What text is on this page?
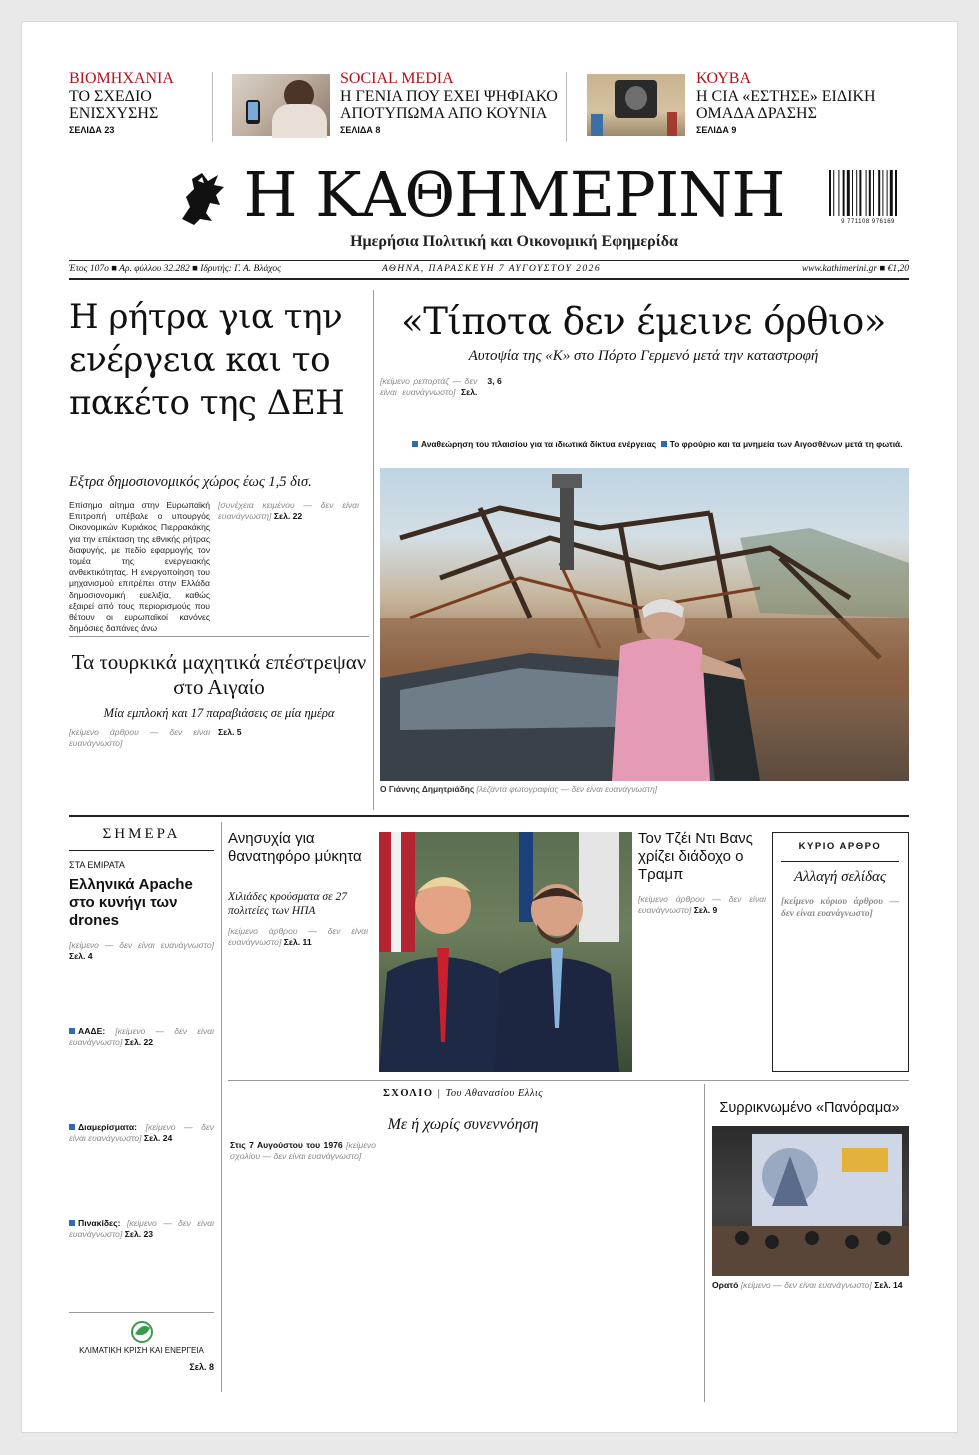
ΒΙΟΜΗΧΑΝΙΑ
ΤΟ ΣΧΕΔΙΟ ΕΝΙΣΧΥΣΗΣ
ΣΕΛΙΔΑ 23
SOCIAL MEDIA
Η ΓΕΝΙΑ ΠΟΥ ΕΧΕΙ ΨΗΦΙΑΚΟ ΑΠΟΤΥΠΩΜΑ ΑΠΟ ΚΟΥΝΙΑ
ΣΕΛΙΔΑ 8
ΚΟΥΒΑ
Η CIA «ΕΣΤΗΣΕ» ΕΙΔΙΚΗ ΟΜΑΔΑ ΔΡΑΣΗΣ
ΣΕΛΙΔΑ 9
Η ΚΑΘΗΜΕΡΙΝΗ
Ημερήσια Πολιτική και Οικονομική Εφημερίδα
9 771108 976169
Έτος 107ο ■ Αρ. φύλλου 32.282 ■ Ιδρυτής: Γ. Α. Βλάχος	ΑΘΗΝΑ, ΠΑΡΑΣΚΕΥΗ 7 ΑΥΓΟΥΣΤΟΥ 2026	www.kathimerini.gr ■ €1,20
Η ρήτρα για την ενέργεια και το πακέτο της ΔΕΗ
Εξτρα δημοσιονομικός χώρος έως 1,5 δισ.
Επίσημο αίτημα στην Ευρωπαϊκή Επιτροπή υπέβαλε ο υπουργός Οικονομικών Κυριάκος Πιερρακάκης για την επέκταση της εθνικής ρήτρας διαφυγής, με πεδίο εφαρμογής τον τομέα της ενεργειακής ανθεκτικότητας. Η ενεργοποίηση του μηχανισμού επιτρέπει στην Ελλάδα δημοσιονομική ευελιξία, καθώς εξαιρεί από τους περιορισμούς που θέτουν οι ευρωπαϊκοί κανόνες δημόσιες δαπάνες άνω
[συνέχεια κειμένου — δεν είναι ευανάγνωστη] Σελ. 22
Τα τουρκικά μαχητικά επέστρεψαν στο Αιγαίο
Μία εμπλοκή και 17 παραβιάσεις σε μία ημέρα
[κείμενο άρθρου — δεν είναι ευανάγνωστο]
Σελ. 5
«Τίποτα δεν έμεινε όρθιο»
Αυτοψία της «Κ» στο Πόρτο Γερμενό μετά την καταστροφή
[κείμενο ρεπορτάζ — δεν είναι ευανάγνωστο] Σελ. 3, 6
Αναθεώρηση του πλαισίου για τα ιδιωτικά δίκτυα ενέργειας Το φρούριο και τα μνημεία των Αιγοσθένων μετά τη φωτιά.
Ο Γιάννης Δημητριάδης [λεζάντα φωτογραφίας — δεν είναι ευανάγνωστη]
ΣΗΜΕΡΑ
ΣΤΑ ΕΜΙΡΑΤΑ
Ελληνικά Apache στο κυνήγι των drones
[κείμενο — δεν είναι ευανάγνωστο] Σελ. 4
ΑΑΔΕ: [κείμενο — δεν είναι ευανάγνωστο] Σελ. 22
Διαμερίσματα: [κείμενο — δεν είναι ευανάγνωστο] Σελ. 24
Πινακίδες: [κείμενο — δεν είναι ευανάγνωστο] Σελ. 23
ΚΛΙΜΑΤΙΚΗ ΚΡΙΣΗ ΚΑΙ ΕΝΕΡΓΕΙΑ
Σελ. 8
Ανησυχία για θανατηφόρο μύκητα
Χιλιάδες κρούσματα σε 27 πολιτείες των ΗΠΑ
[κείμενο άρθρου — δεν είναι ευανάγνωστο] Σελ. 11
Τον Τζέι Ντι Βανς χρίζει διάδοχο ο Τραμπ
[κείμενο άρθρου — δεν είναι ευανάγνωστο] Σελ. 9
ΚΥΡΙΟ ΑΡΘΡΟ
Αλλαγή σελίδας
[κείμενο κύριου άρθρου — δεν είναι ευανάγνωστο]
ΣΧΟΛΙΟ | Του Αθανασίου Ελλις
Με ή χωρίς συνεννόηση
Στις 7 Αυγούστου του 1976 [κείμενο σχολίου — δεν είναι ευανάγνωστο]
Συρρικνωμένο «Πανόραμα»
Ορατό [κείμενο — δεν είναι ευανάγνωστο] Σελ. 14
